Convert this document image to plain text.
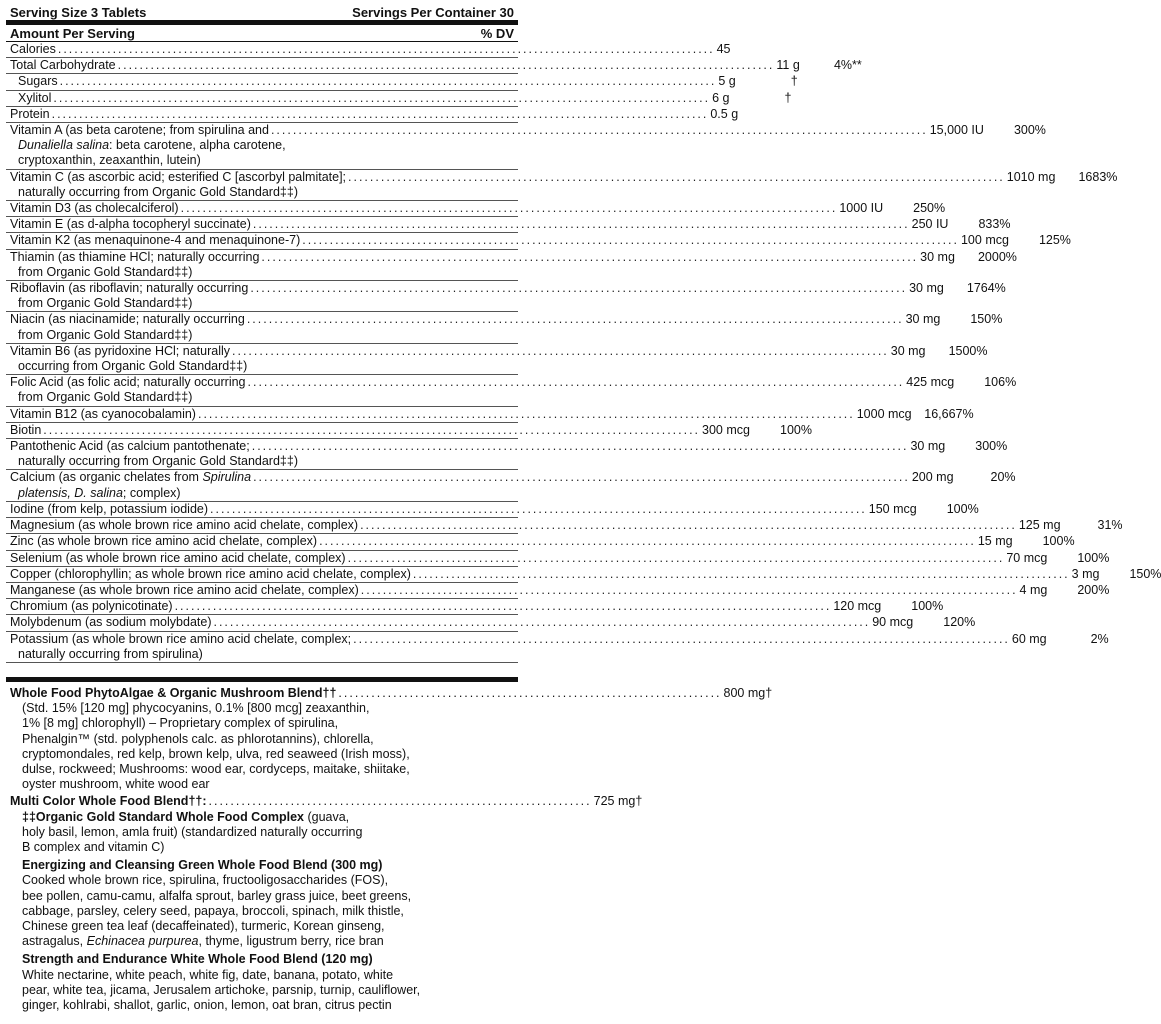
Serving Size 3 Tablets	Servings Per Container 30
Amount Per Serving	% DV
Calories ........................................................................................................................ 45
Total Carbohydrate ........................................................................................................................ 11 g	4%**
Sugars ........................................................................................................................ 5 g	†
Xylitol ........................................................................................................................ 6 g	†
Protein ........................................................................................................................ 0.5 g
Vitamin A (as beta carotene; from spirulina and ........................................................................................................................ 15,000 IU	300%
Dunaliella salina: beta carotene, alpha carotene,
cryptoxanthin, zeaxanthin, lutein)
Vitamin C (as ascorbic acid; esterified C [ascorbyl palmitate]; ........................................................................................................................ 1010 mg	1683%
naturally occurring from Organic Gold Standard‡‡)
Vitamin D3 (as cholecalciferol) ........................................................................................................................ 1000 IU	250%
Vitamin E (as d-alpha tocopheryl succinate) ........................................................................................................................ 250 IU	833%
Vitamin K2 (as menaquinone-4 and menaquinone-7) ........................................................................................................................ 100 mcg	125%
Thiamin (as thiamine HCl; naturally occurring ........................................................................................................................ 30 mg	2000%
from Organic Gold Standard‡‡)
Riboflavin (as riboflavin; naturally occurring ........................................................................................................................ 30 mg	1764%
from Organic Gold Standard‡‡)
Niacin (as niacinamide; naturally occurring ........................................................................................................................ 30 mg	150%
from Organic Gold Standard‡‡)
Vitamin B6 (as pyridoxine HCl; naturally ........................................................................................................................ 30 mg	1500%
occurring from Organic Gold Standard‡‡)
Folic Acid (as folic acid; naturally occurring ........................................................................................................................ 425 mcg	106%
from Organic Gold Standard‡‡)
Vitamin B12 (as cyanocobalamin) ........................................................................................................................ 1000 mcg	16,667%
Biotin ........................................................................................................................ 300 mcg	100%
Pantothenic Acid (as calcium pantothenate; ........................................................................................................................ 30 mg	300%
naturally occurring from Organic Gold Standard‡‡)
Calcium (as organic chelates from Spirulina ........................................................................................................................ 200 mg	20%
platensis, D. salina; complex)
Iodine (from kelp, potassium iodide) ........................................................................................................................ 150 mcg	100%
Magnesium (as whole brown rice amino acid chelate, complex) ........................................................................................................................ 125 mg	31%
Zinc (as whole brown rice amino acid chelate, complex) ........................................................................................................................ 15 mg	100%
Selenium (as whole brown rice amino acid chelate, complex) ........................................................................................................................ 70 mcg	100%
Copper (chlorophyllin; as whole brown rice amino acid chelate, complex) ........................................................................................................................ 3 mg	150%
Manganese (as whole brown rice amino acid chelate, complex) ........................................................................................................................ 4 mg	200%
Chromium (as polynicotinate) ........................................................................................................................ 120 mcg	100%
Molybdenum (as sodium molybdate) ........................................................................................................................ 90 mcg	120%
Potassium (as whole brown rice amino acid chelate, complex; ........................................................................................................................ 60 mg	2%
naturally occurring from spirulina)
Whole Food PhytoAlgae & Organic Mushroom Blend†† ...................................................................... 800 mg†
(Std. 15% [120 mg] phycocyanins, 0.1% [800 mcg] zeaxanthin,
1% [8 mg] chlorophyll) – Proprietary complex of spirulina,
Phenalgin™ (std. polyphenols calc. as phlorotannins), chlorella,
cryptomondales, red kelp, brown kelp, ulva, red seaweed (Irish moss),
dulse, rockweed; Mushrooms: wood ear, cordyceps, maitake, shiitake,
oyster mushroom, white wood ear
Multi Color Whole Food Blend††: ...................................................................... 725 mg†
‡‡Organic Gold Standard Whole Food Complex (guava,
holy basil, lemon, amla fruit) (standardized naturally occurring
B complex and vitamin C)
Energizing and Cleansing Green Whole Food Blend (300 mg)
Cooked whole brown rice, spirulina, fructooligosaccharides (FOS),
bee pollen, camu-camu, alfalfa sprout, barley grass juice, beet greens,
cabbage, parsley, celery seed, papaya, broccoli, spinach, milk thistle,
Chinese green tea leaf (decaffeinated), turmeric, Korean ginseng,
astragalus, Echinacea purpurea, thyme, ligustrum berry, rice bran
Strength and Endurance White Whole Food Blend (120 mg)
White nectarine, white peach, white fig, date, banana, potato, white
pear, white tea, jicama, Jerusalem artichoke, parsnip, turnip, cauliflower,
ginger, kohlrabi, shallot, garlic, onion, lemon, oat bran, citrus pectin
